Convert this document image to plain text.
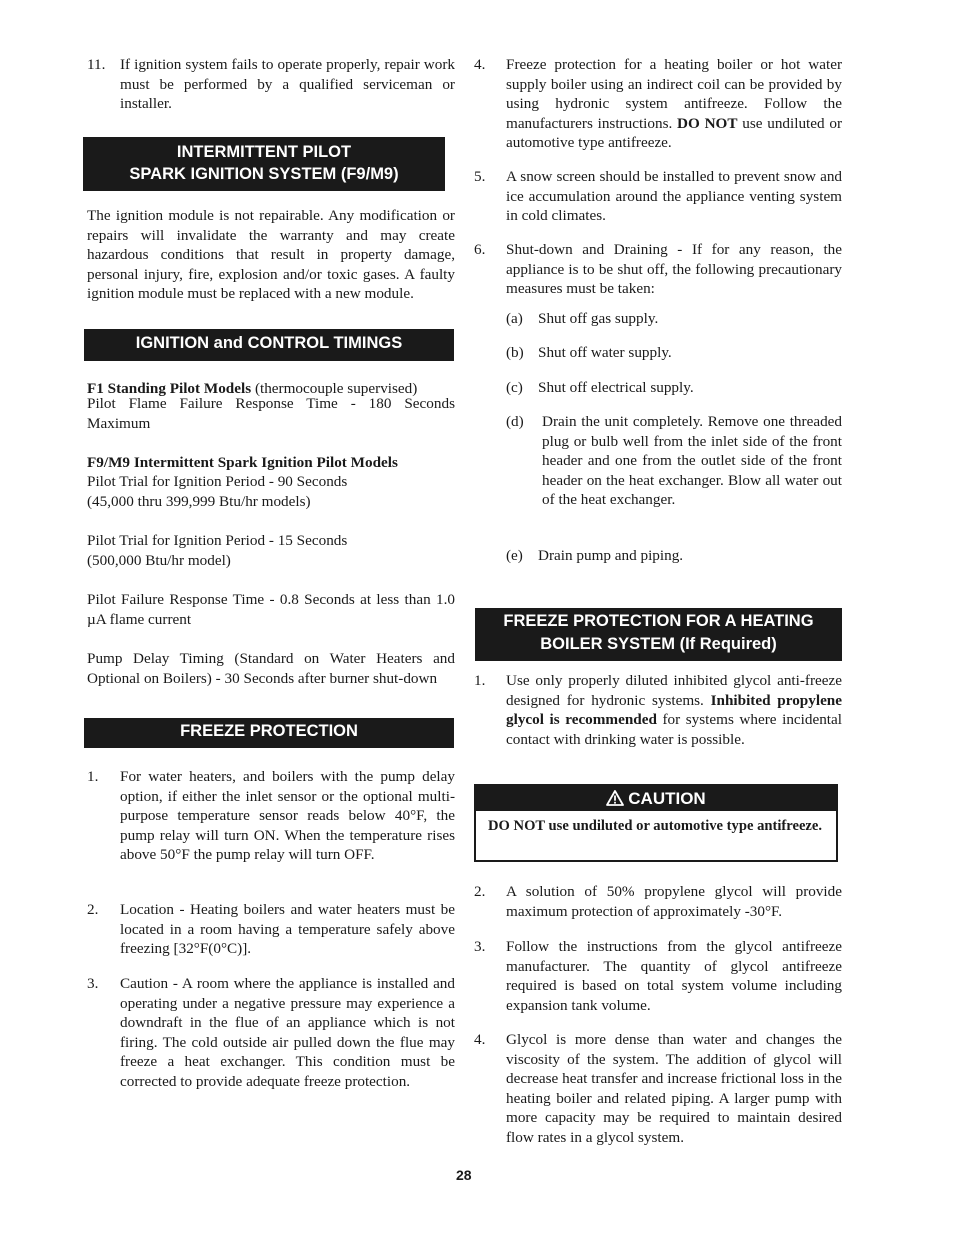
11. If ignition system fails to operate properly, repair work must be performed by a qualified serviceman or installer.

INTERMITTENT PILOT
SPARK IGNITION SYSTEM (F9/M9)

The ignition module is not repairable. Any modification or repairs will invalidate the warranty and may create hazardous conditions that result in property damage, personal injury, fire, explosion and/or toxic gases. A faulty ignition module must be replaced with a new module.

IGNITION and CONTROL TIMINGS

F1 Standing Pilot Models (thermocouple supervised)

Pilot Flame Failure Response Time - 180 Seconds Maximum

F9/M9 Intermittent Spark Ignition Pilot Models

Pilot Trial for Ignition Period - 90 Seconds

(45,000 thru 399,999 Btu/hr models)

Pilot Trial for Ignition Period - 15 Seconds

(500,000 Btu/hr model)

Pilot Failure Response Time - 0.8 Seconds at less than 1.0 µA flame current

Pump Delay Timing (Standard on Water Heaters and Optional on Boilers) - 30 Seconds after burner shut-down

FREEZE PROTECTION
1. For water heaters, and boilers with the pump delay option, if either the inlet sensor or the optional multi-purpose temperature sensor reads below 40°F, the pump relay will turn ON. When the temperature rises above 50°F the pump relay will turn OFF.

2. Location - Heating boilers and water heaters must be located in a room having a temperature safely above freezing [32°F(0°C)].

3. Caution - A room where the appliance is installed and operating under a negative pressure may experience a downdraft in the flue of an appliance which is not firing. The cold outside air pulled down the flue may freeze a heat exchanger. This condition must be corrected to provide adequate freeze protection.

4. Freeze protection for a heating boiler or hot water supply boiler using an indirect coil can be provided by using hydronic system antifreeze. Follow the manufacturers instructions. DO NOT use undiluted or automotive type antifreeze.

5. A snow screen should be installed to prevent snow and ice accumulation around the appliance venting system in cold climates.

6. Shut-down and Draining - If for any reason, the appliance is to be shut off, the following precautionary measures must be taken:

(a) Shut off gas supply.

(b) Shut off water supply.

(c) Shut off electrical supply.

(d) Drain the unit completely. Remove one threaded plug or bulb well from the inlet side of the front header and one from the outlet side of the front header on the heat exchanger. Blow all water out of the heat exchanger.

(e) Drain pump and piping.

FREEZE PROTECTION FOR A HEATING
BOILER SYSTEM (If Required)
1. Use only properly diluted inhibited glycol anti-freeze designed for hydronic systems. Inhibited propylene glycol is recommended for systems where incidental contact with drinking water is possible.

CAUTION
DO NOT use undiluted or automotive type antifreeze.
2. A solution of 50% propylene glycol will provide maximum protection of approximately -30°F.

3. Follow the instructions from the glycol antifreeze manufacturer. The quantity of glycol antifreeze required is based on total system volume including expansion tank volume.

4. Glycol is more dense than water and changes the viscosity of the system. The addition of glycol will decrease heat transfer and increase frictional loss in the heating boiler and related piping. A larger pump with more capacity may be required to maintain desired flow rates in a glycol system.

28
